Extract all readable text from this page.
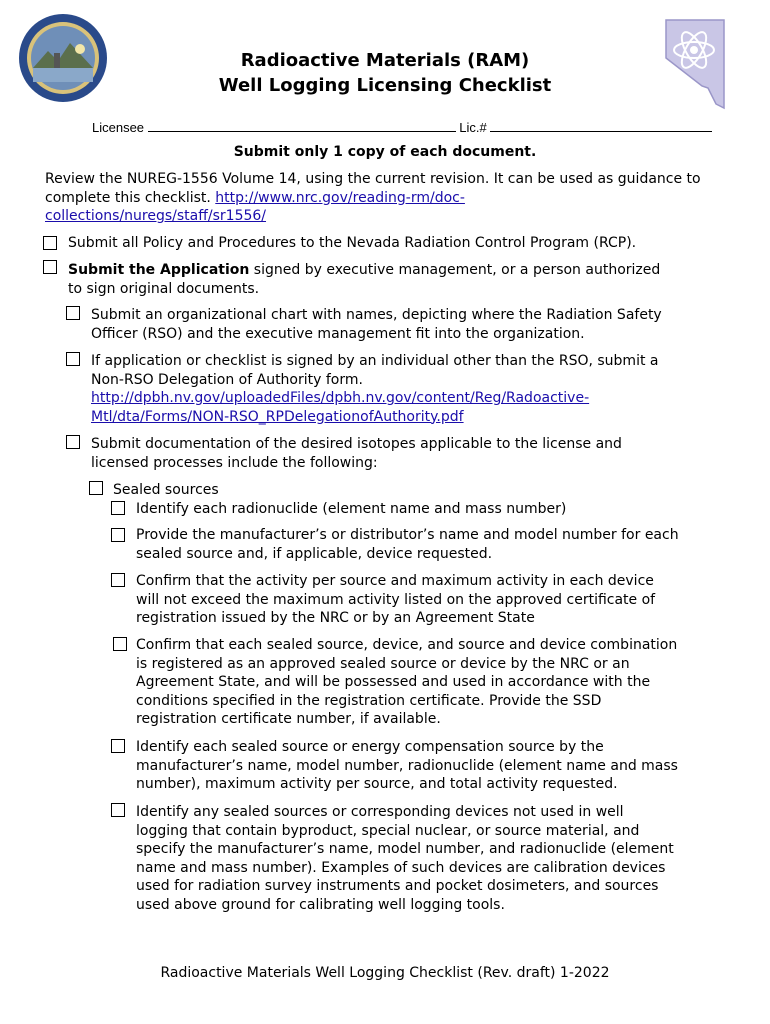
Radioactive Materials (RAM)
Well Logging Licensing Checklist
Licensee	Lic.#
Submit only 1 copy of each document.
Review the NUREG-1556 Volume 14, using the current revision. It can be used as guidance to complete this checklist. http://www.nrc.gov/reading-rm/doc-
collections/nuregs/staff/sr1556/
Submit all Policy and Procedures to the Nevada Radiation Control Program (RCP).
Submit the Application signed by executive management, or a person authorized
to sign original documents.
Submit an organizational chart with names, depicting where the Radiation Safety
Officer (RSO) and the executive management fit into the organization.
If application or checklist is signed by an individual other than the RSO, submit a
Non-RSO Delegation of Authority form.
http://dpbh.nv.gov/uploadedFiles/dpbh.nv.gov/content/Reg/Radoactive-
Mtl/dta/Forms/NON-RSO_RPDelegationofAuthority.pdf
Submit documentation of the desired isotopes applicable to the license and
licensed processes include the following:
Sealed sources
Identify each radionuclide (element name and mass number)
Provide the manufacturer’s or distributor’s name and model number for each
sealed source and, if applicable, device requested.
Confirm that the activity per source and maximum activity in each device
will not exceed the maximum activity listed on the approved certificate of
registration issued by the NRC or by an Agreement State
Confirm that each sealed source, device, and source and device combination
is registered as an approved sealed source or device by the NRC or an
Agreement State, and will be possessed and used in accordance with the
conditions specified in the registration certificate. Provide the SSD
registration certificate number, if available.
Identify each sealed source or energy compensation source by the
manufacturer’s name, model number, radionuclide (element name and mass
number), maximum activity per source, and total activity requested.
Identify any sealed sources or corresponding devices not used in well
logging that contain byproduct, special nuclear, or source material, and
specify the manufacturer’s name, model number, and radionuclide (element
name and mass number). Examples of such devices are calibration devices
used for radiation survey instruments and pocket dosimeters, and sources
used above ground for calibrating well logging tools.
Radioactive Materials Well Logging Checklist (Rev. draft) 1-2022
